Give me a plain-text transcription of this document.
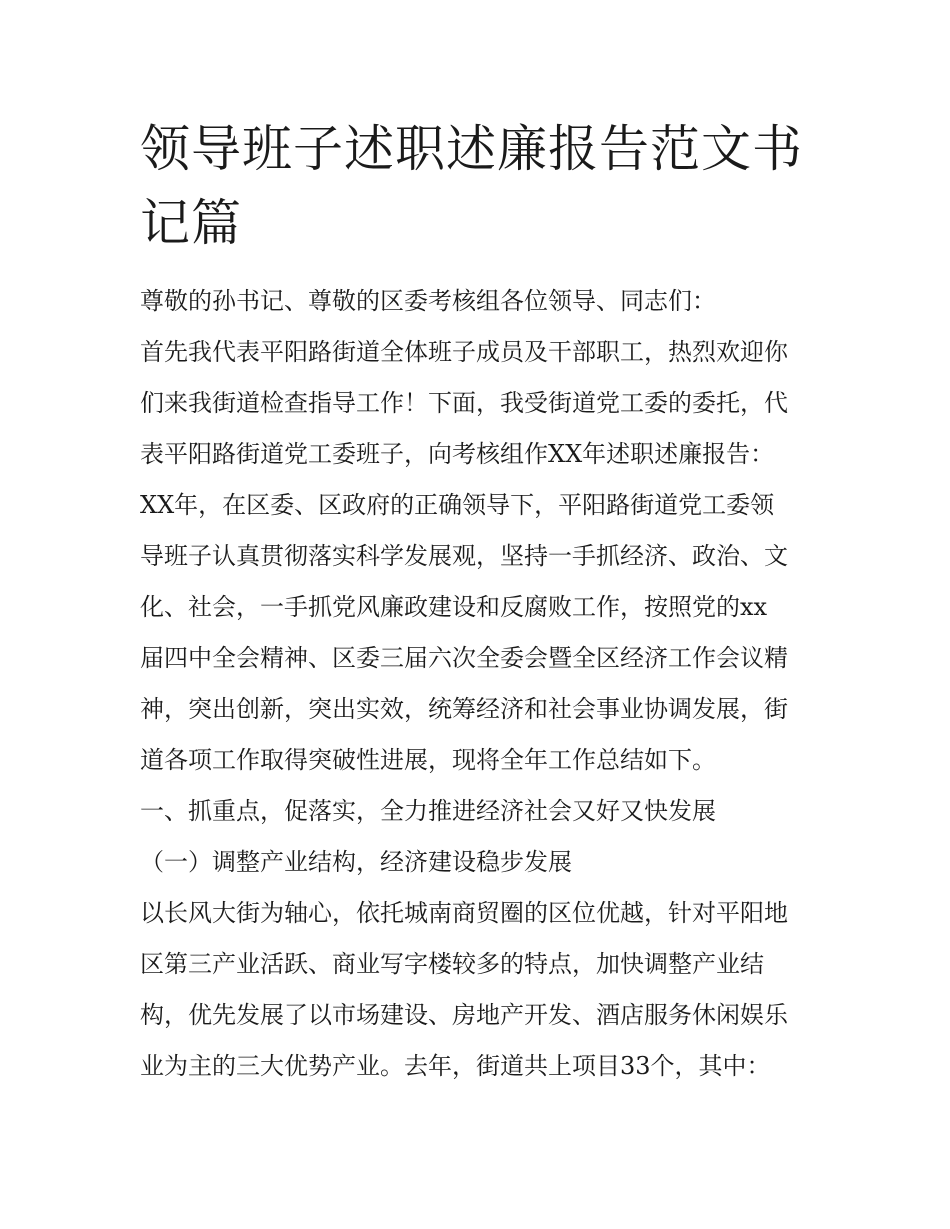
领导班子述职述廉报告范文书记篇

尊敬的孙书记、尊敬的区委考核组各位领导、同志们：

首先我代表平阳路街道全体班子成员及干部职工，热烈欢迎你

们来我街道检查指导工作！下面，我受街道党工委的委托，代

表平阳路街道党工委班子，向考核组作XX年述职述廉报告：

XX年，在区委、区政府的正确领导下，平阳路街道党工委领

导班子认真贯彻落实科学发展观，坚持一手抓经济、政治、文

化、社会，一手抓党风廉政建设和反腐败工作，按照党的xx

届四中全会精神、区委三届六次全委会暨全区经济工作会议精

神，突出创新，突出实效，统筹经济和社会事业协调发展，街

道各项工作取得突破性进展，现将全年工作总结如下。

一、抓重点，促落实，全力推进经济社会又好又快发展

（一）调整产业结构，经济建设稳步发展

以长风大街为轴心，依托城南商贸圈的区位优越，针对平阳地

区第三产业活跃、商业写字楼较多的特点，加快调整产业结

构，优先发展了以市场建设、房地产开发、酒店服务休闲娱乐

业为主的三大优势产业。去年，街道共上项目33个，其中：
